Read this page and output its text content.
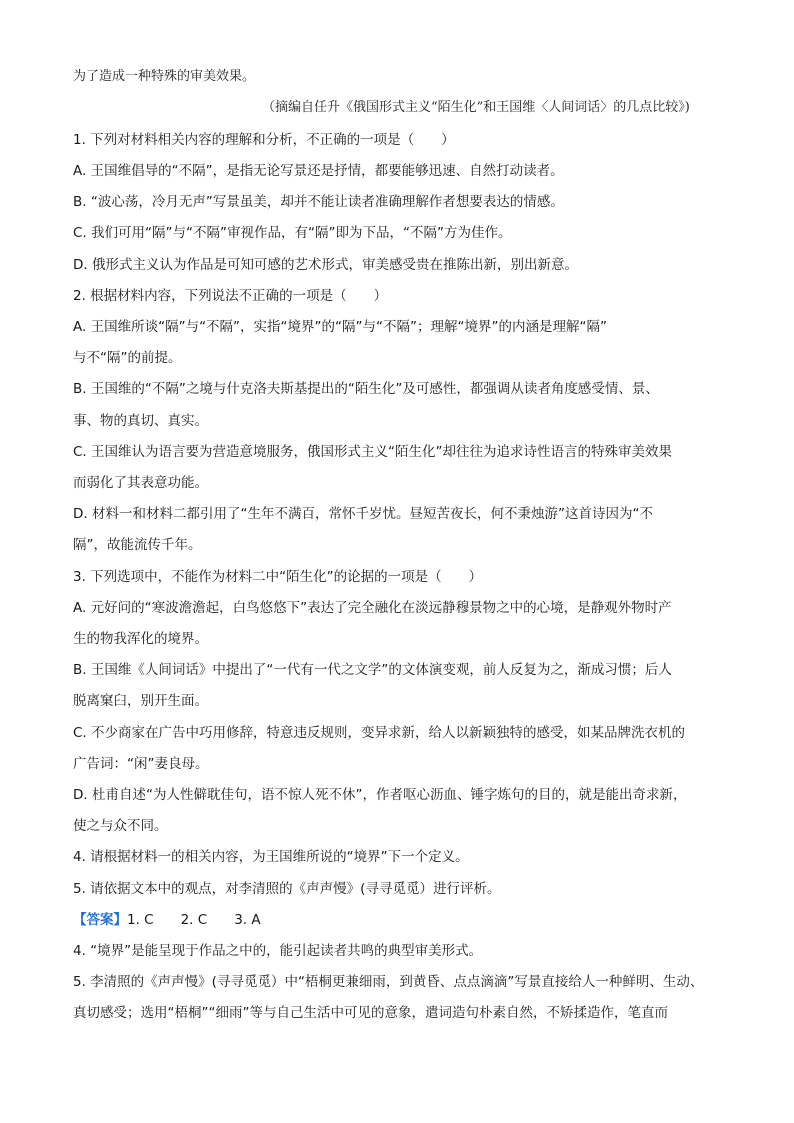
为了造成一种特殊的审美效果。
（摘编自任升《俄国形式主义“陌生化”和王国维〈人间词话〉的几点比较》)
1. 下列对材料相关内容的理解和分析，不正确的一项是（　　）
A. 王国维倡导的“不隔”，是指无论写景还是抒情，都要能够迅速、自然打动读者。
B. “波心荡，冷月无声”写景虽美，却并不能让读者准确理解作者想要表达的情感。
C. 我们可用“隔”与“不隔”审视作品，有“隔”即为下品，“不隔”方为佳作。
D. 俄形式主义认为作品是可知可感的艺术形式，审美感受贵在推陈出新，别出新意。
2. 根据材料内容，下列说法不正确的一项是（　　）
A. 王国维所谈“隔”与“不隔”，实指“境界”的“隔”与“不隔”；理解“境界”的内涵是理解“隔”
与不“隔”的前提。
B. 王国维的“不隔”之境与什克洛夫斯基提出的“陌生化”及可感性，都强调从读者角度感受情、景、
事、物的真切、真实。
C. 王国维认为语言要为营造意境服务，俄国形式主义“陌生化”却往往为追求诗性语言的特殊审美效果
而弱化了其表意功能。
D. 材料一和材料二都引用了“生年不满百，常怀千岁忧。昼短苦夜长，何不秉烛游”这首诗因为“不
隔”，故能流传千年。
3. 下列选项中，不能作为材料二中“陌生化”的论据的一项是（　　）
A. 元好问的“寒波澹澹起，白鸟悠悠下”表达了完全融化在淡远静穆景物之中的心境，是静观外物时产
生的物我浑化的境界。
B. 王国维《人间词话》中提出了“一代有一代之文学”的文体演变观，前人反复为之，渐成习惯；后人
脱离窠臼，别开生面。
C. 不少商家在广告中巧用修辞，特意违反规则，变异求新，给人以新颖独特的感受，如某品牌洗衣机的
广告词：“闲”妻良母。
D. 杜甫自述“为人性僻耽佳句，语不惊人死不休”，作者呕心沥血、锤字炼句的目的，就是能出奇求新，
使之与众不同。
4. 请根据材料一的相关内容，为王国维所说的“境界”下一个定义。
5. 请依据文本中的观点，对李清照的《声声慢》(寻寻觅觅）进行评析。
【答案】1. C　　2. C　　3. A
4. “境界”是能呈现于作品之中的，能引起读者共鸣的典型审美形式。
5. 李清照的《声声慢》(寻寻觅觅）中“梧桐更兼细雨，到黄昏、点点滴滴”写景直接给人一种鲜明、生动、
真切感受；选用“梧桐”“细雨”等与自己生活中可见的意象，遣词造句朴素自然，不矫揉造作，笔直而
